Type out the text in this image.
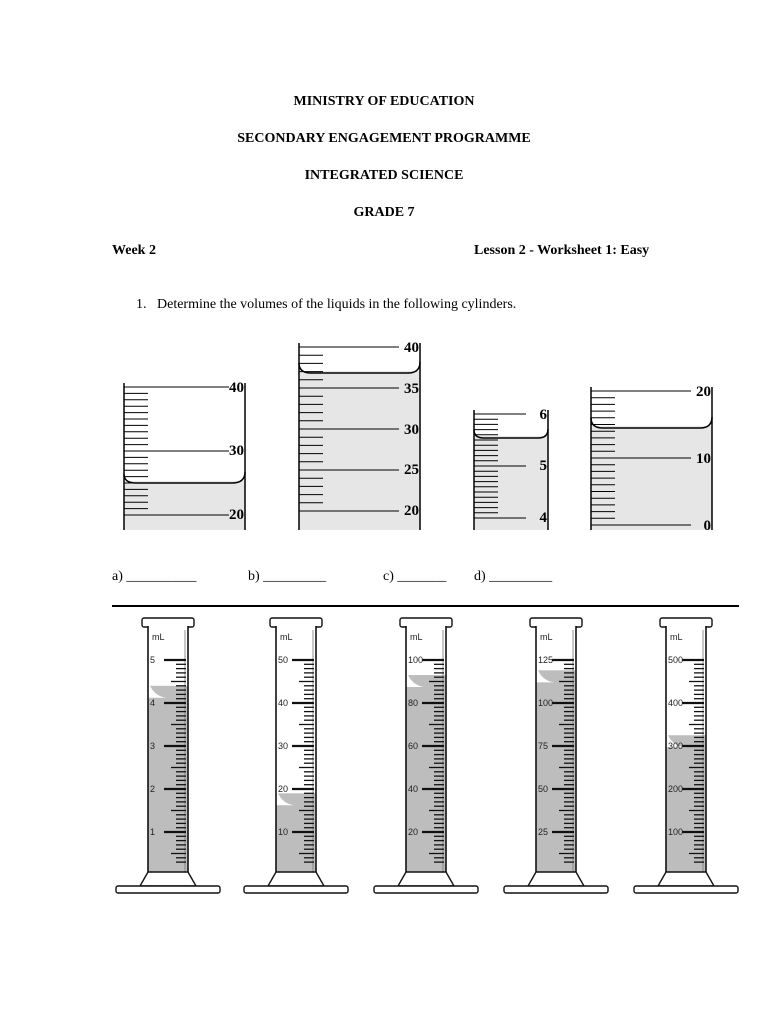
MINISTRY OF EDUCATION
SECONDARY ENGAGEMENT PROGRAMME
INTEGRATED SCIENCE
GRADE 7
Week 2	Lesson 2 - Worksheet 1: Easy
1. Determine the volumes of the liquids in the following cylinders.
40
30
20
40
35
30
25
20
6
5
4
20
10
0
a) __________	b) _________	c) _______ d) _________
mL
5
4
3
2
1
mL
50
40
30
20
10
mL
100
80
60
40
20
mL
125
100
75
50
25
mL
500
400
300
200
100
